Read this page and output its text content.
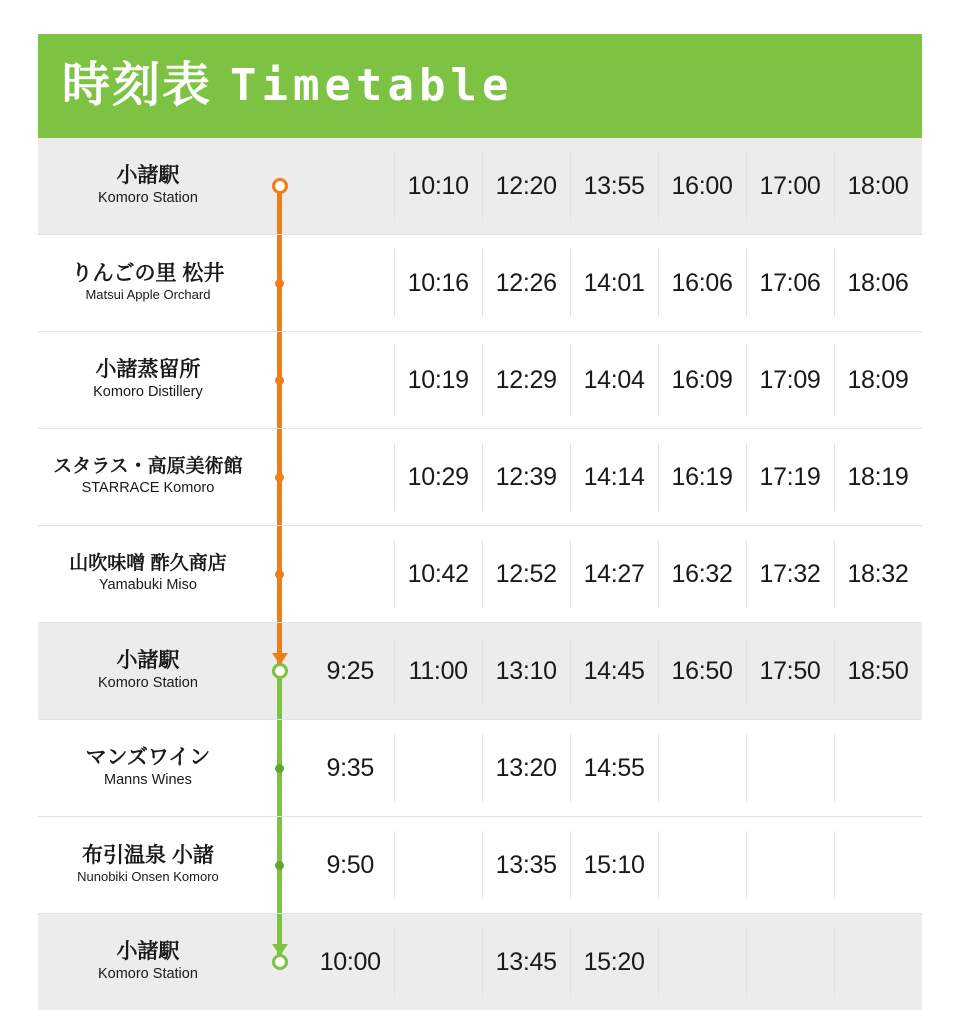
時刻表 Timetable
小諸駅
Komoro Station			10:10	12:20	13:55	16:00	17:00	18:00

りんごの里 松井
Matsui Apple Orchard			10:16	12:26	14:01	16:06	17:06	18:06

小諸蒸留所
Komoro Distillery			10:19	12:29	14:04	16:09	17:09	18:09

スタラス・高原美術館
STARRACE Komoro			10:29	12:39	14:14	16:19	17:19	18:19

山吹味噌 酢久商店
Yamabuki Miso			10:42	12:52	14:27	16:32	17:32	18:32

小諸駅
Komoro Station		9:25	11:00	13:10	14:45	16:50	17:50	18:50

マンズワイン
Manns Wines		9:35		13:20	14:55			

布引温泉 小諸
Nunobiki Onsen Komoro		9:50		13:35	15:10			

小諸駅
Komoro Station		10:00		13:45	15:20			
